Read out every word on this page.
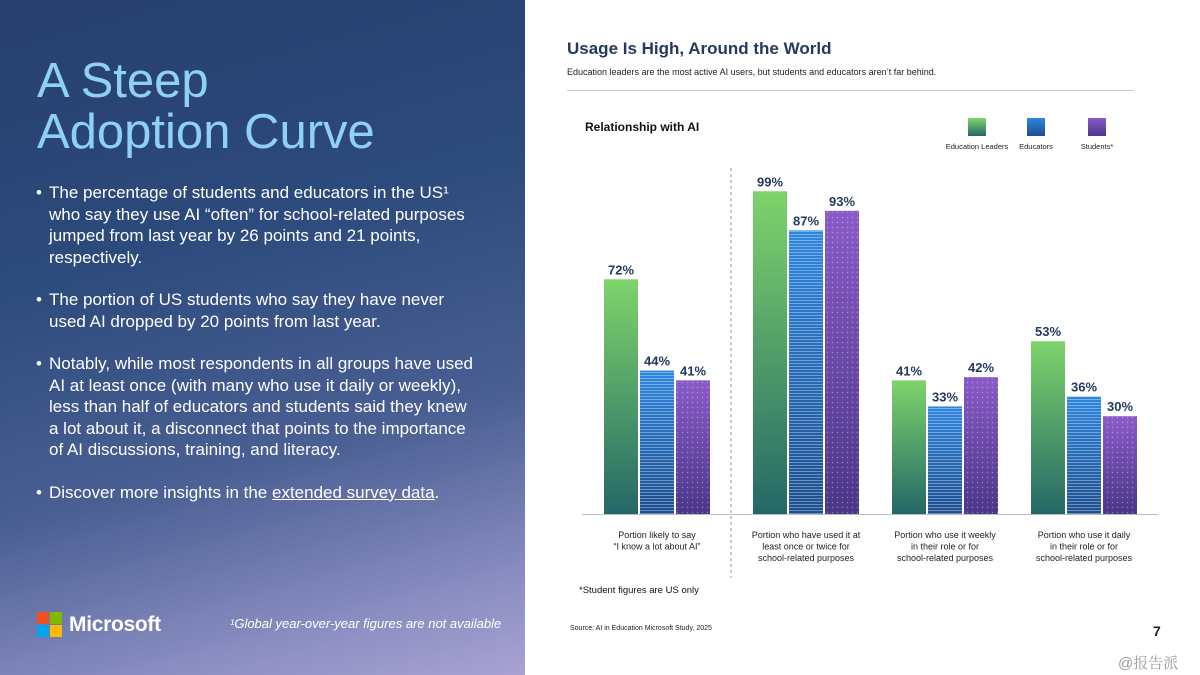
A Steep
Adoption Curve
• The percentage of students and educators in the US¹ who say they use AI “often” for school-related purposes jumped from last year by 26 points and 21 points, respectively.
• The portion of US students who say they have never used AI dropped by 20 points from last year.
• Notably, while most respondents in all groups have used AI at least once (with many who use it daily or weekly), less than half of educators and students said they knew a lot about it, a disconnect that points to the importance of AI discussions, training, and literacy.
• Discover more insights in the extended survey data.
Microsoft	¹Global year-over-year figures are not available
Usage Is High, Around the World
Education leaders are the most active AI users, but students and educators aren’t far behind.
Relationship with AI
Education Leaders	Educators	Students*
72%
44%
41%
Portion likely to say
“I know a lot about AI”
99%
87%
93%
Portion who have used it at
least once or twice for
school-related purposes
41%
33%
42%
Portion who use it weekly
in their role or for
school-related purposes
53%
36%
30%
Portion who use it daily
in their role or for
school-related purposes
*Student figures are US only
Source: AI in Education Microsoft Study, 2025	7
@报告派
